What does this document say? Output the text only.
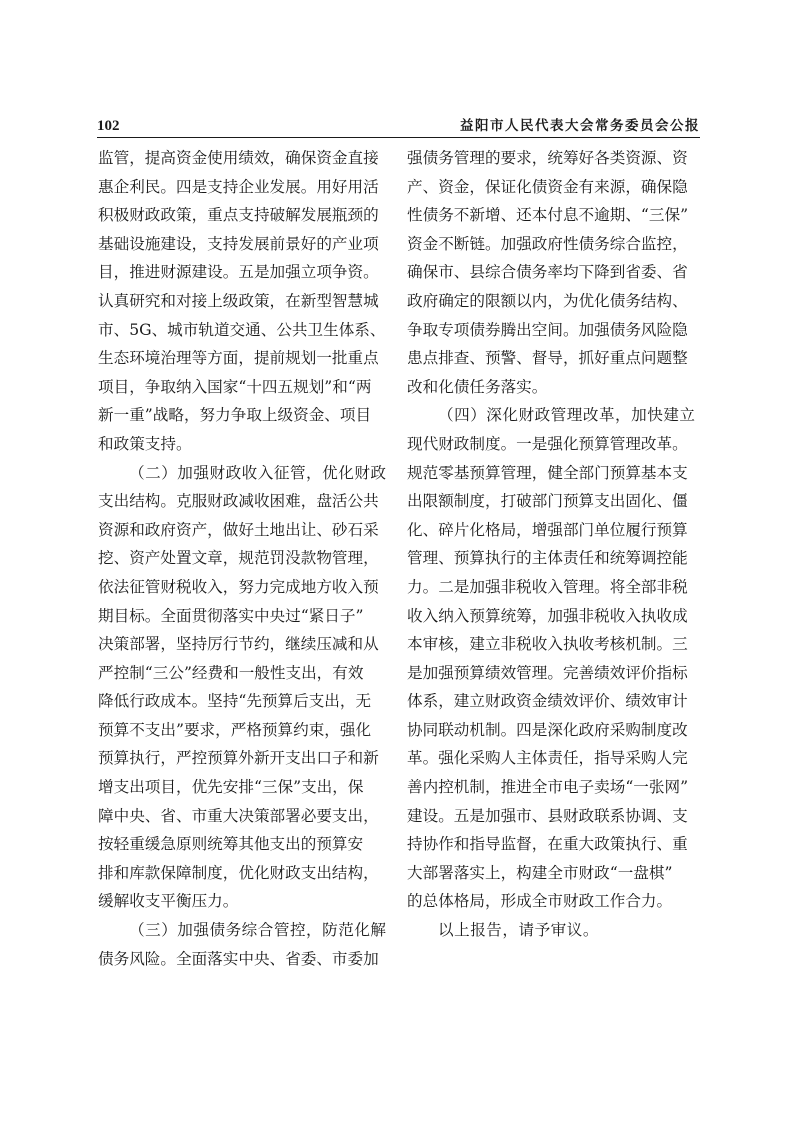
102	益阳市人民代表大会常务委员会公报
监管，提高资金使用绩效，确保资金直接
惠企利民。四是支持企业发展。用好用活
积极财政政策，重点支持破解发展瓶颈的
基础设施建设，支持发展前景好的产业项
目，推进财源建设。五是加强立项争资。
认真研究和对接上级政策，在新型智慧城
市、5G、城市轨道交通、公共卫生体系、
生态环境治理等方面，提前规划一批重点
项目，争取纳入国家“十四五规划”和“两
新一重”战略，努力争取上级资金、项目
和政策支持。
（二）加强财政收入征管，优化财政
支出结构。克服财政减收困难，盘活公共
资源和政府资产，做好土地出让、砂石采
挖、资产处置文章，规范罚没款物管理，
依法征管财税收入，努力完成地方收入预
期目标。全面贯彻落实中央过“紧日子”
决策部署，坚持厉行节约，继续压减和从
严控制“三公”经费和一般性支出，有效
降低行政成本。坚持“先预算后支出，无
预算不支出”要求，严格预算约束，强化
预算执行，严控预算外新开支出口子和新
增支出项目，优先安排“三保”支出，保
障中央、省、市重大决策部署必要支出，
按轻重缓急原则统筹其他支出的预算安
排和库款保障制度，优化财政支出结构，
缓解收支平衡压力。
（三）加强债务综合管控，防范化解
债务风险。全面落实中央、省委、市委加
强债务管理的要求，统筹好各类资源、资
产、资金，保证化债资金有来源，确保隐
性债务不新增、还本付息不逾期、“三保”
资金不断链。加强政府性债务综合监控，
确保市、县综合债务率均下降到省委、省
政府确定的限额以内，为优化债务结构、
争取专项债券腾出空间。加强债务风险隐
患点排查、预警、督导，抓好重点问题整
改和化债任务落实。
（四）深化财政管理改革，加快建立
现代财政制度。一是强化预算管理改革。
规范零基预算管理，健全部门预算基本支
出限额制度，打破部门预算支出固化、僵
化、碎片化格局，增强部门单位履行预算
管理、预算执行的主体责任和统筹调控能
力。二是加强非税收入管理。将全部非税
收入纳入预算统筹，加强非税收入执收成
本审核，建立非税收入执收考核机制。三
是加强预算绩效管理。完善绩效评价指标
体系，建立财政资金绩效评价、绩效审计
协同联动机制。四是深化政府采购制度改
革。强化采购人主体责任，指导采购人完
善内控机制，推进全市电子卖场“一张网”
建设。五是加强市、县财政联系协调、支
持协作和指导监督，在重大政策执行、重
大部署落实上，构建全市财政“一盘棋”
的总体格局，形成全市财政工作合力。
以上报告，请予审议。
